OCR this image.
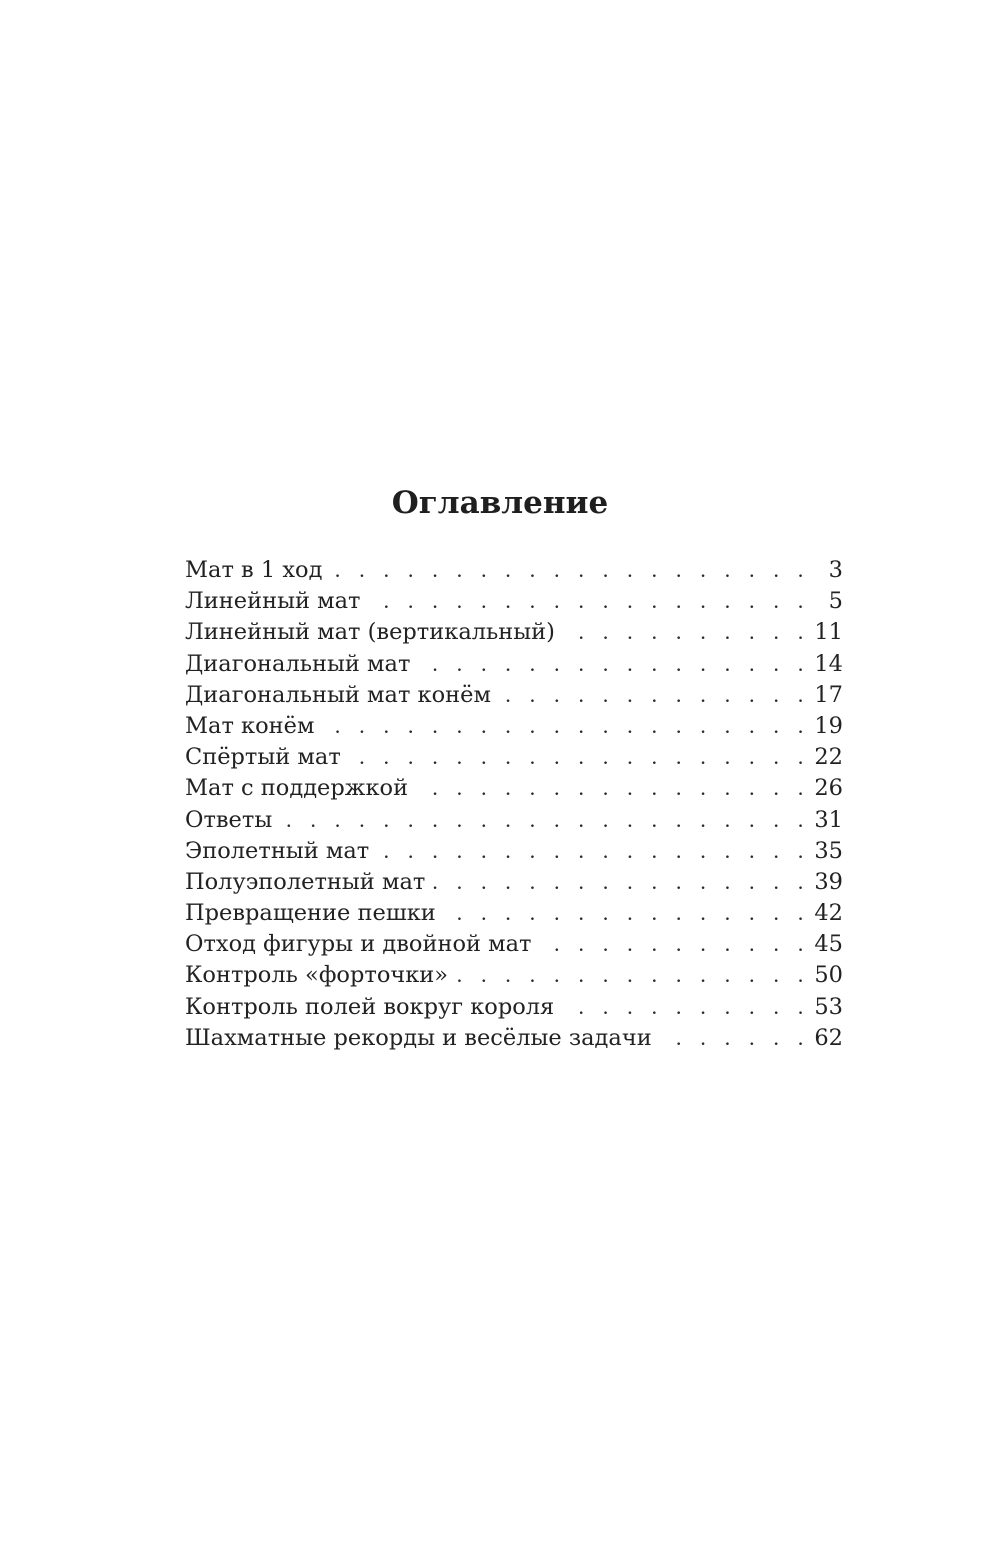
Оглавление
Мат в 1 ход .	3
Линейный мат .	5
Линейный мат (вертикальный) .	11
Диагональный мат .	14
Диагональный мат конём .	17
Мат конём .	19
Спёртый мат .	22
Мат с поддержкой .	26
Ответы .	31
Эполетный мат .	35
Полуэполетный мат .	39
Превращение пешки .	42
Отход фигуры и двойной мат .	45
Контроль «форточки» .	50
Контроль полей вокруг короля .	53
Шахматные рекорды и весёлые задачи .	62
